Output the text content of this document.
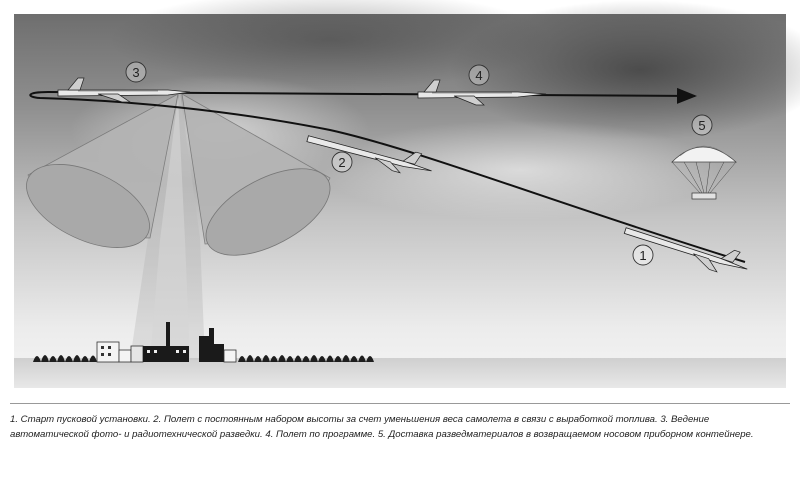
1
2
3	4
5

1. Старт пусковой установки. 2. Полет с постоянным набором высоты за счет уменьшения веса самолета в связи с выработкой топлива. 3. Ведение автоматической фото- и радиотехнической разведки. 4. Полет по программе. 5. Доставка разведматериалов в возвращаемом носовом приборном контейнере.
